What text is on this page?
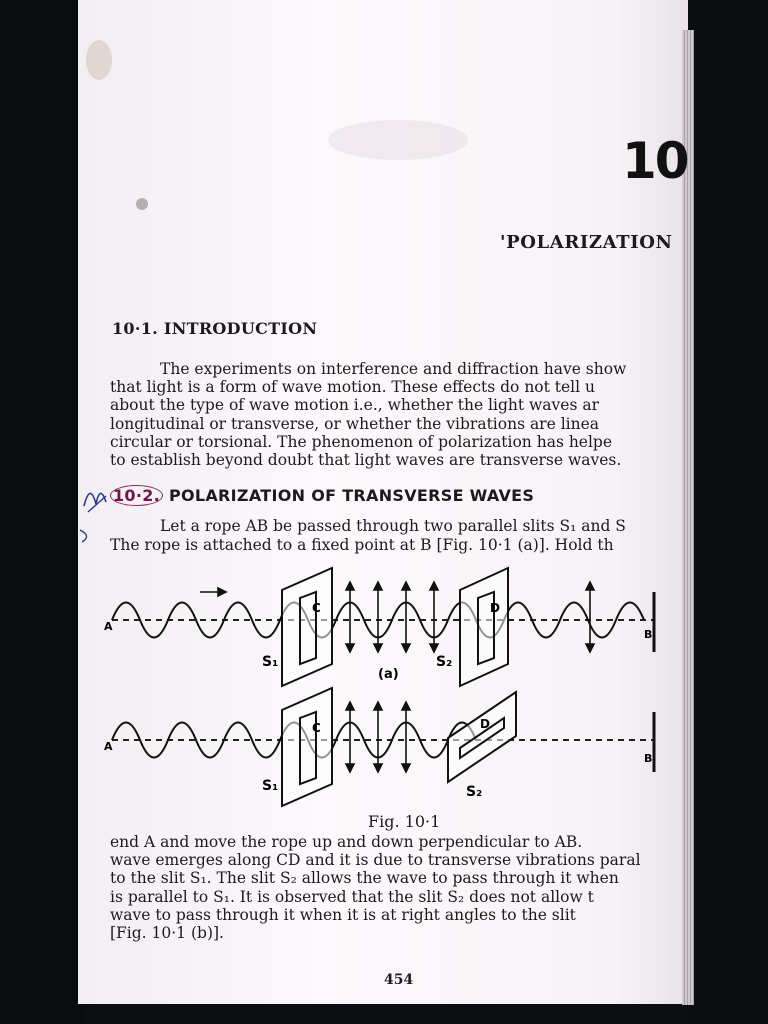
10
'POLARIZATION
10·1. INTRODUCTION
The experiments on interference and diffraction have show
that light is a form of wave motion. These effects do not tell u
about the type of wave motion i.e., whether the light waves ar
longitudinal or transverse, or whether the vibrations are linea
circular or torsional. The phenomenon of polarization has helpe
to establish beyond doubt that light waves are transverse waves.
10·2. POLARIZATION OF TRANSVERSE WAVES
Let a rope AB be passed through two parallel slits S₁ and S
The rope is attached to a fixed point at B [Fig. 10·1 (a)]. Hold th
A
B
C	D
S₁	S₂
(a)
A
B
C	D
S₁	S₂
Fig. 10·1
end A and move the rope up and down perpendicular to AB.
wave emerges along CD and it is due to transverse vibrations paral
to the slit S₁. The slit S₂ allows the wave to pass through it when
is parallel to S₁. It is observed that the slit S₂ does not allow t
wave to pass through it when it is at right angles to the slit
[Fig. 10·1 (b)].
454
